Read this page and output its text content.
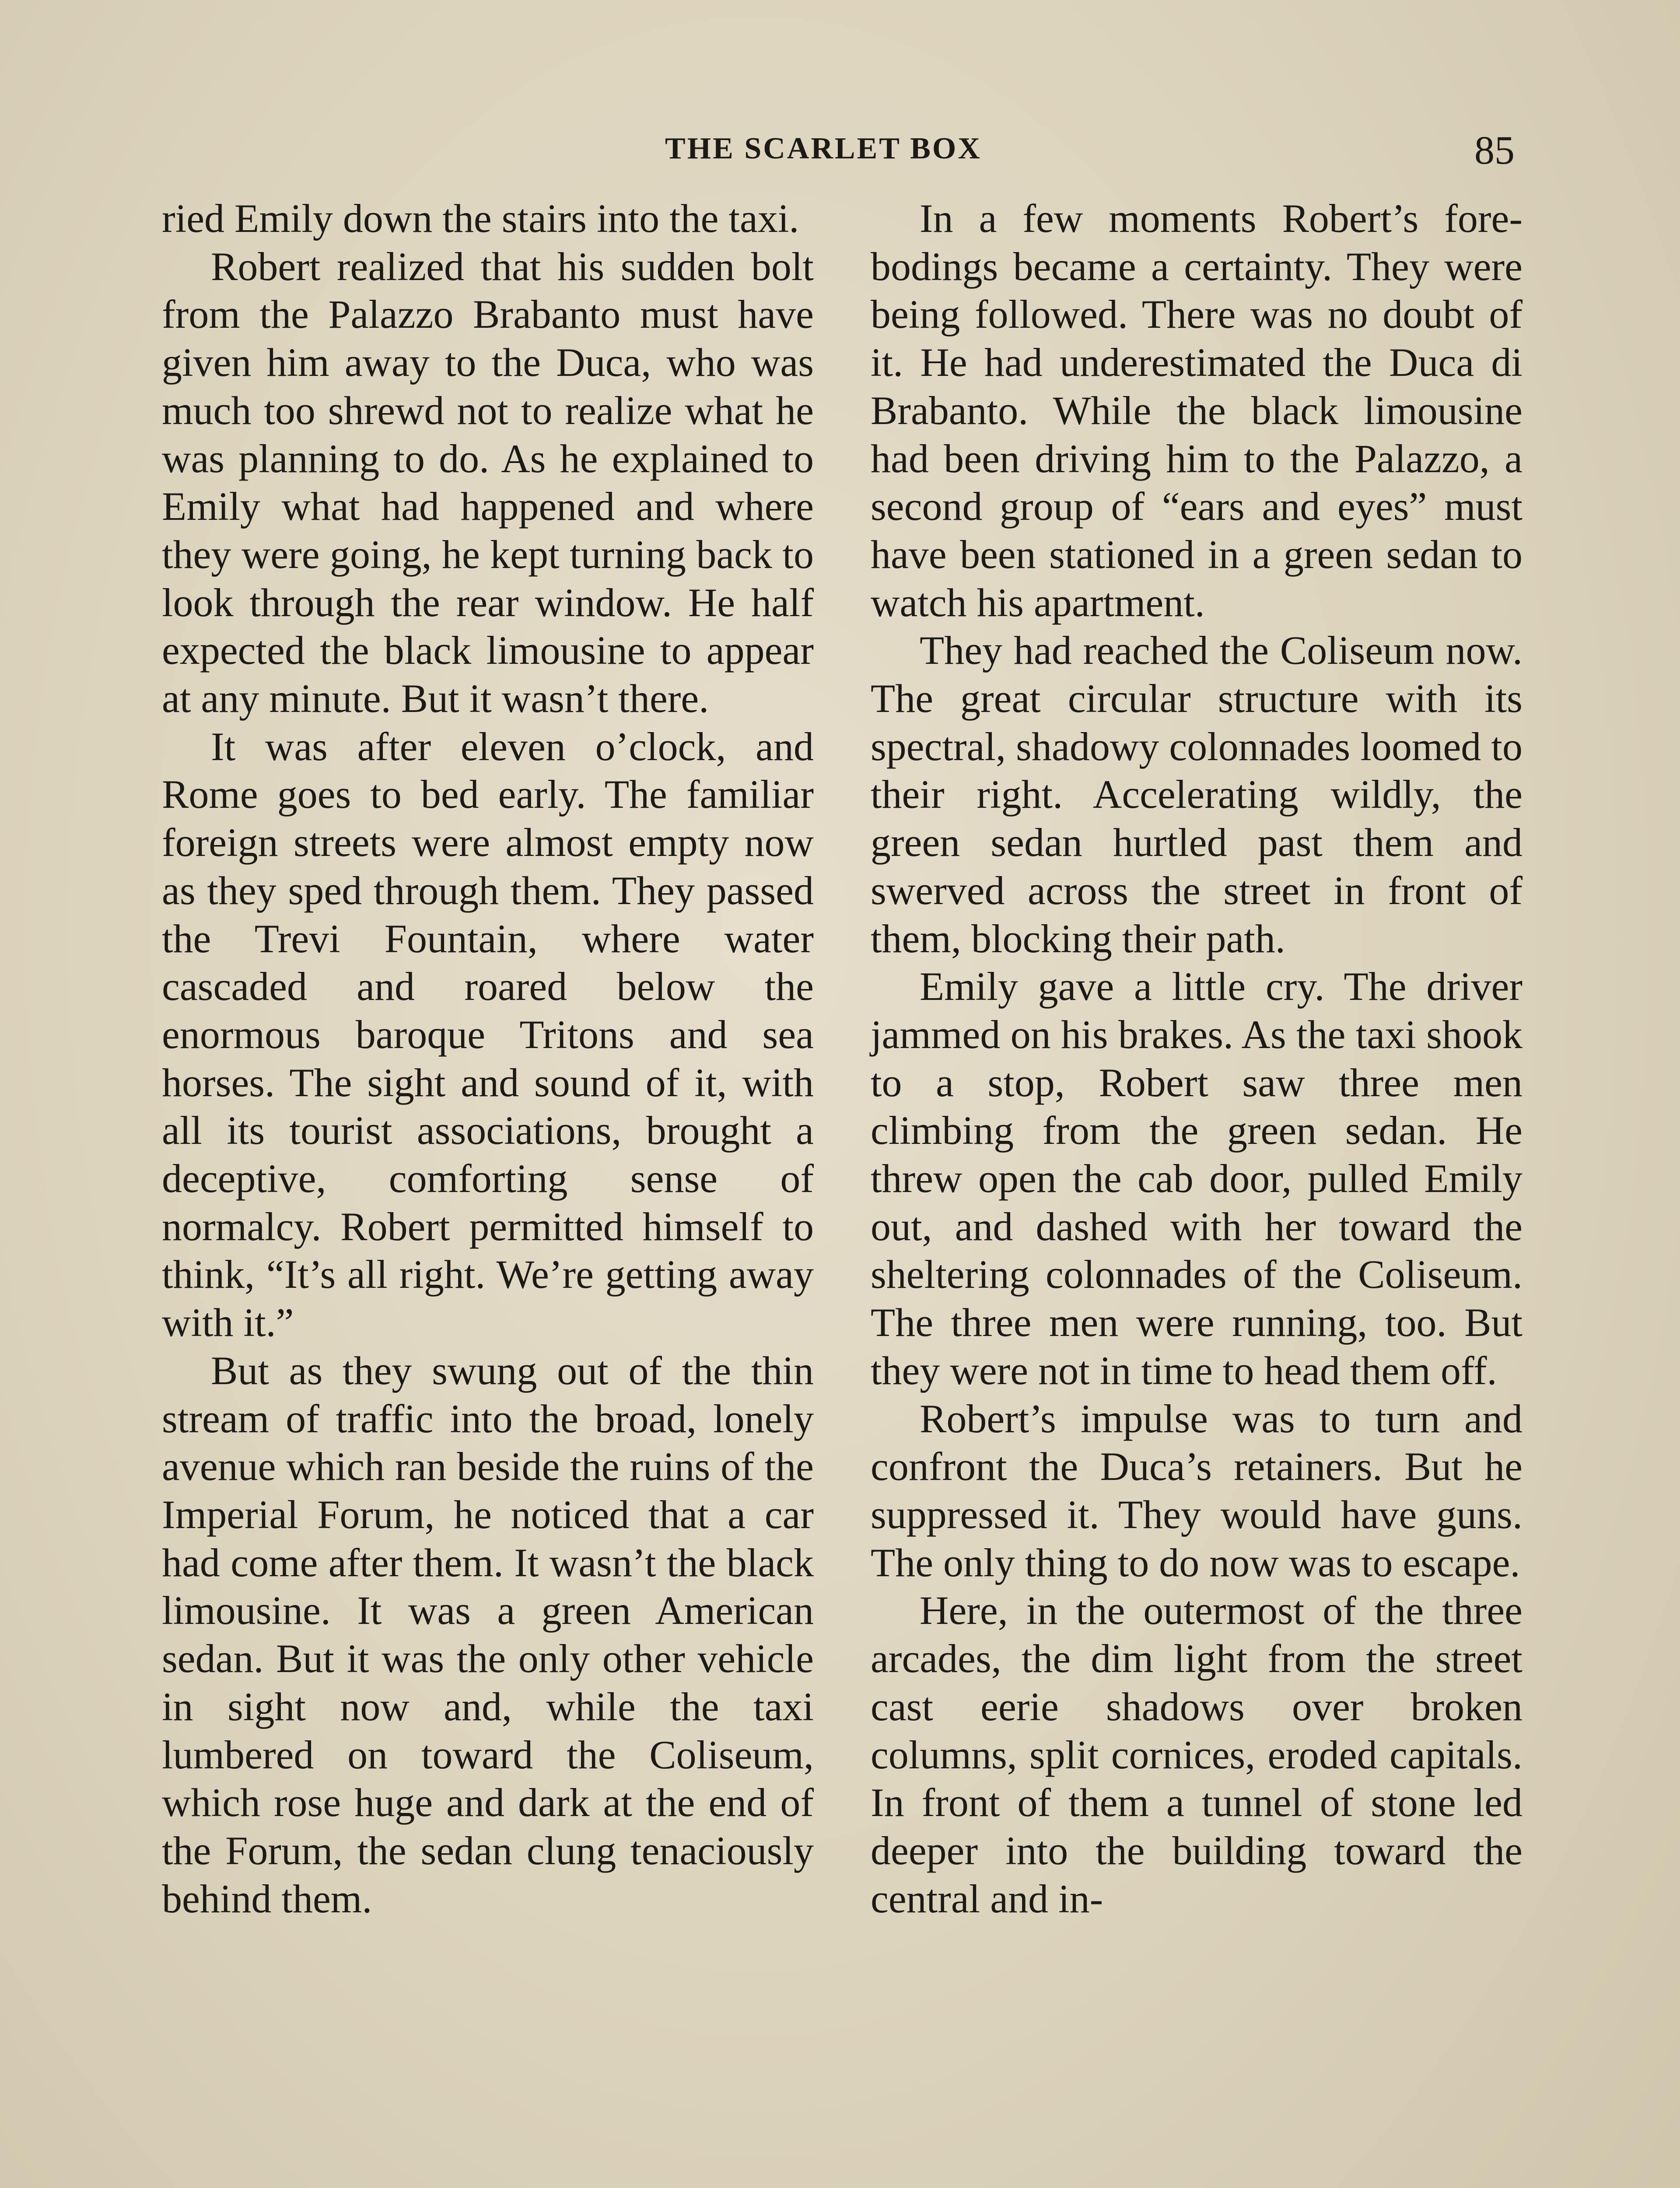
THE SCARLET BOX	85

ried Emily down the stairs into the taxi.

Robert realized that his sudden bolt from the Palazzo Brabanto must have given him away to the Duca, who was much too shrewd not to realize what he was planning to do. As he explained to Emily what had happened and where they were going, he kept turning back to look through the rear window. He half expected the black limousine to appear at any minute. But it wasn’t there.

It was after eleven o’clock, and Rome goes to bed early. The familiar foreign streets were almost empty now as they sped through them. They passed the Trevi Fountain, where water cascaded and roared below the enormous baroque Tritons and sea horses. The sight and sound of it, with all its tourist associations, brought a deceptive, comforting sense of normalcy. Robert permitted himself to think, “It’s all right. We’re getting away with it.”

But as they swung out of the thin stream of traffic into the broad, lonely avenue which ran beside the ruins of the Imperial Forum, he noticed that a car had come after them. It wasn’t the black limousine. It was a green American sedan. But it was the only other vehicle in sight now and, while the taxi lumbered on toward the Coliseum, which rose huge and dark at the end of the Forum, the sedan clung tenaciously behind them.

In a few moments Robert’s forebodings became a certainty. They were being followed. There was no doubt of it. He had underestimated the Duca di Brabanto. While the black limousine had been driving him to the Palazzo, a second group of “ears and eyes” must have been stationed in a green sedan to watch his apartment.

They had reached the Coliseum now. The great circular structure with its spectral, shadowy colonnades loomed to their right. Accelerating wildly, the green sedan hurtled past them and swerved across the street in front of them, blocking their path.

Emily gave a little cry. The driver jammed on his brakes. As the taxi shook to a stop, Robert saw three men climbing from the green sedan. He threw open the cab door, pulled Emily out, and dashed with her toward the sheltering colonnades of the Coliseum. The three men were running, too. But they were not in time to head them off.

Robert’s impulse was to turn and confront the Duca’s retainers. But he suppressed it. They would have guns. The only thing to do now was to escape.

Here, in the outermost of the three arcades, the dim light from the street cast eerie shadows over broken columns, split cornices, eroded capitals. In front of them a tunnel of stone led deeper into the building toward the central and in-
